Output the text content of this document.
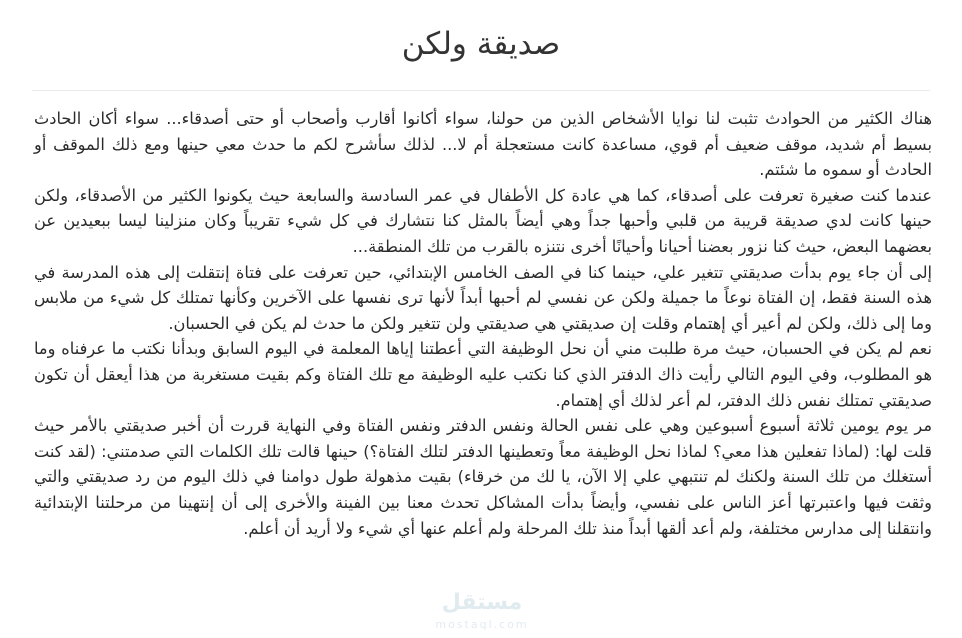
صديقة ولكن

هناك الكثير من الحوادث تثبت لنا نوايا الأشخاص الذين من حولنا، سواء أكانوا أقارب وأصحاب أو حتى أصدقاء... سواء أكان الحادث بسيط أم شديد، موقف ضعيف أم قوي، مساعدة كانت مستعجلة أم لا... لذلك سأشرح لكم ما حدث معي حينها ومع ذلك الموقف أو الحادث أو سموه ما شئتم.

عندما كنت صغيرة تعرفت على أصدقاء، كما هي عادة كل الأطفال في عمر السادسة والسابعة حيث يكونوا الكثير من الأصدقاء، ولكن حينها كانت لدي صديقة قريبة من قلبي وأحبها جداً وهي أيضاً بالمثل كنا نتشارك في كل شيء تقريباً وكان منزلينا ليسا ببعيدين عن بعضهما البعض، حيث كنا نزور بعضنا أحيانا وأحيانًا أخرى نتنزه بالقرب من تلك المنطقة...

إلى أن جاء يوم بدأت صديقتي تتغير علي، حينما كنا في الصف الخامس الإبتدائي، حين تعرفت على فتاة إنتقلت إلى هذه المدرسة في هذه السنة فقط، إن الفتاة نوعاً ما جميلة ولكن عن نفسي لم أحبها أبداً لأنها ترى نفسها على الآخرين وكأنها تمتلك كل شيء من ملابس وما إلى ذلك، ولكن لم أعير أي إهتمام وقلت إن صديقتي هي صديقتي ولن تتغير ولكن ما حدث لم يكن في الحسبان.

نعم لم يكن في الحسبان، حيث مرة طلبت مني أن نحل الوظيفة التي أعطتنا إياها المعلمة في اليوم السابق وبدأنا نكتب ما عرفناه وما هو المطلوب، وفي اليوم التالي رأيت ذاك الدفتر الذي كنا نكتب عليه الوظيفة مع تلك الفتاة وكم بقيت مستغربة من هذا أيعقل أن تكون صديقتي تمتلك نفس ذلك الدفتر، لم أعر لذلك أي إهتمام.

مر يوم يومين ثلاثة أسبوع أسبوعين وهي على نفس الحالة ونفس الدفتر ونفس الفتاة وفي النهاية قررت أن أخبر صديقتي بالأمر حيث قلت لها: (لماذا تفعلين هذا معي؟ لماذا نحل الوظيفة معاً وتعطينها الدفتر لتلك الفتاة؟) حينها قالت تلك الكلمات التي صدمتني: (لقد كنت أستغلك من تلك السنة ولكنك لم تنتبهي علي إلا الآن، يا لك من خرقاء) بقيت مذهولة طول دوامنا في ذلك اليوم من رد صديقتي والتي وثقت فيها واعتبرتها أعز الناس على نفسي، وأيضاً بدأت المشاكل تحدث معنا بين الفينة والأخرى إلى أن إنتهينا من مرحلتنا الإبتدائية وانتقلنا إلى مدارس مختلفة، ولم أعد ألقها أبداً منذ تلك المرحلة ولم أعلم عنها أي شيء ولا أريد أن أعلم.

مستقل
mostaql.com
